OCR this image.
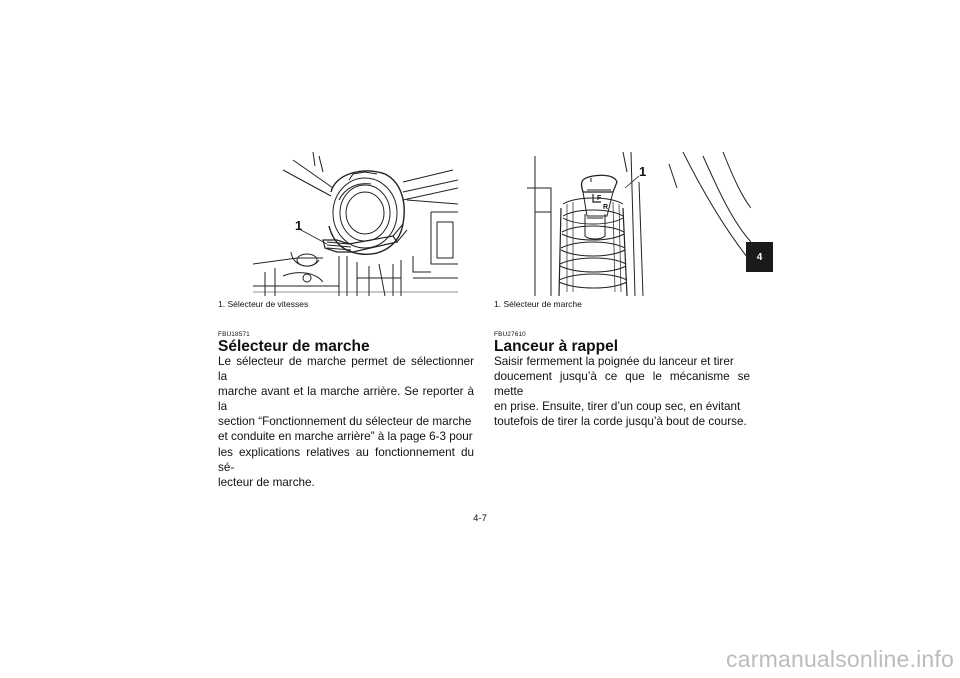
1
1. Sélecteur de vitesses
FBU18571
Sélecteur de marche
Le sélecteur de marche permet de sélectionner la
marche avant et la marche arrière. Se reporter à la
section “Fonctionnement du sélecteur de marche
et conduite en marche arrière” à la page 6-3 pour
les explications relatives au fonctionnement du sé-
lecteur de marche.
F
R
1
1. Sélecteur de marche
FBU27610
Lanceur à rappel
Saisir fermement la poignée du lanceur et tirer
doucement jusqu’à ce que le mécanisme se mette
en prise. Ensuite, tirer d’un coup sec, en évitant
toutefois de tirer la corde jusqu’à bout de course.
4
4-7
carmanualsonline.info
